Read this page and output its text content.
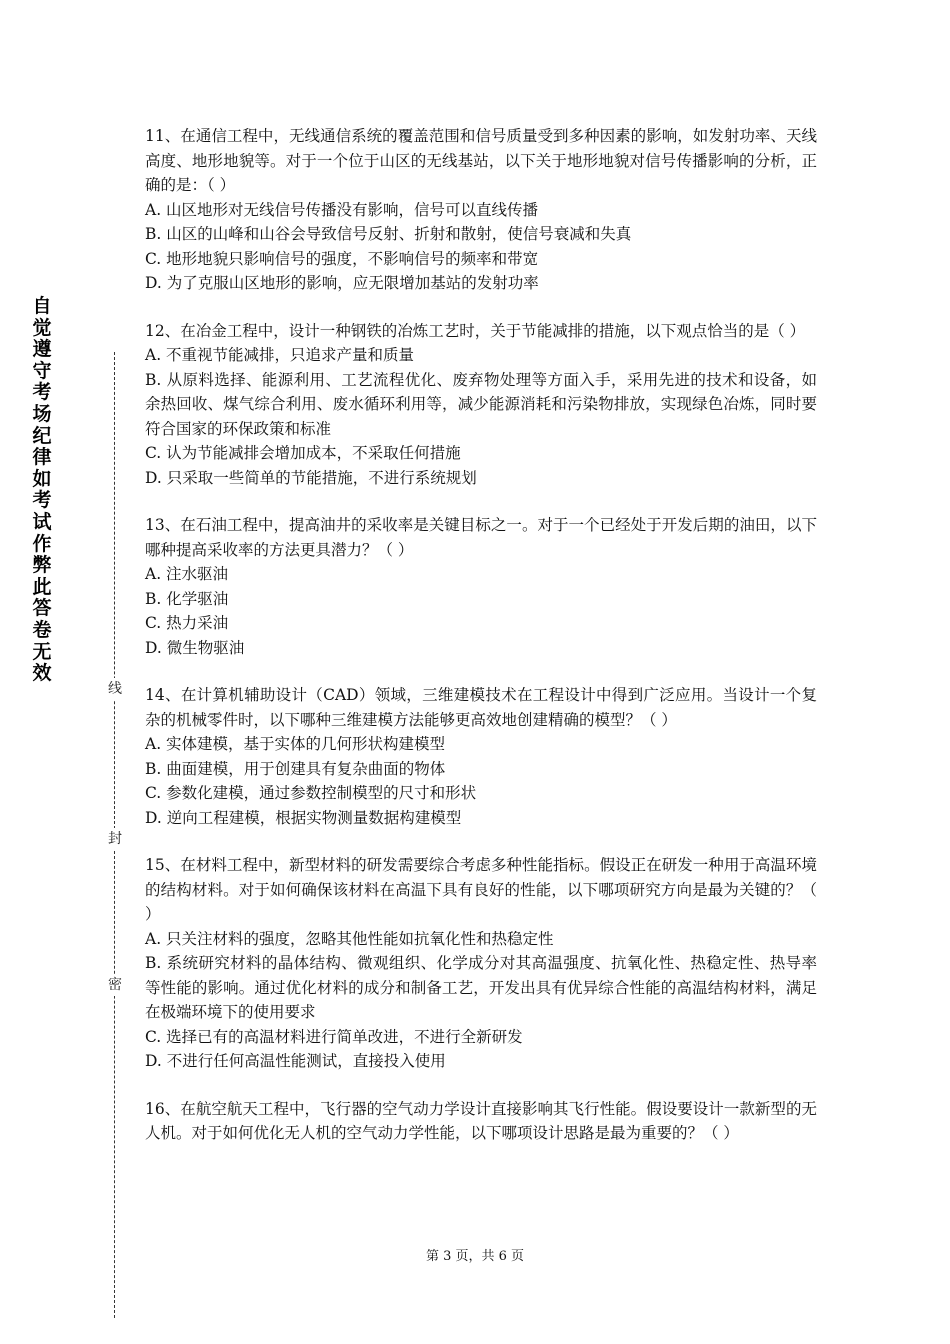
自觉遵守考场纪律如考试作弊此答卷无效
线
封
密

11、在通信工程中，无线通信系统的覆盖范围和信号质量受到多种因素的影响，如发射功率、天线高度、地形地貌等。对于一个位于山区的无线基站，以下关于地形地貌对信号传播影响的分析，正确的是：（ ）

A. 山区地形对无线信号传播没有影响，信号可以直线传播

B. 山区的山峰和山谷会导致信号反射、折射和散射，使信号衰减和失真

C. 地形地貌只影响信号的强度，不影响信号的频率和带宽

D. 为了克服山区地形的影响，应无限增加基站的发射功率

12、在冶金工程中，设计一种钢铁的冶炼工艺时，关于节能减排的措施，以下观点恰当的是（ ）

A. 不重视节能减排，只追求产量和质量

B. 从原料选择、能源利用、工艺流程优化、废弃物处理等方面入手，采用先进的技术和设备，如余热回收、煤气综合利用、废水循环利用等，减少能源消耗和污染物排放，实现绿色冶炼，同时要符合国家的环保政策和标准

C. 认为节能减排会增加成本，不采取任何措施

D. 只采取一些简单的节能措施，不进行系统规划

13、在石油工程中，提高油井的采收率是关键目标之一。对于一个已经处于开发后期的油田，以下哪种提高采收率的方法更具潜力？（ ）

A. 注水驱油

B. 化学驱油

C. 热力采油

D. 微生物驱油

14、在计算机辅助设计（CAD）领域，三维建模技术在工程设计中得到广泛应用。当设计一个复杂的机械零件时，以下哪种三维建模方法能够更高效地创建精确的模型？（ ）

A. 实体建模，基于实体的几何形状构建模型

B. 曲面建模，用于创建具有复杂曲面的物体

C. 参数化建模，通过参数控制模型的尺寸和形状

D. 逆向工程建模，根据实物测量数据构建模型

15、在材料工程中，新型材料的研发需要综合考虑多种性能指标。假设正在研发一种用于高温环境的结构材料。对于如何确保该材料在高温下具有良好的性能，以下哪项研究方向是最为关键的？（ ）

A. 只关注材料的强度，忽略其他性能如抗氧化性和热稳定性

B. 系统研究材料的晶体结构、微观组织、化学成分对其高温强度、抗氧化性、热稳定性、热导率等性能的影响。通过优化材料的成分和制备工艺，开发出具有优异综合性能的高温结构材料，满足在极端环境下的使用要求

C. 选择已有的高温材料进行简单改进，不进行全新研发

D. 不进行任何高温性能测试，直接投入使用

16、在航空航天工程中，飞行器的空气动力学设计直接影响其飞行性能。假设要设计一款新型的无人机。对于如何优化无人机的空气动力学性能，以下哪项设计思路是最为重要的？（ ）

第 3 页，共 6 页
